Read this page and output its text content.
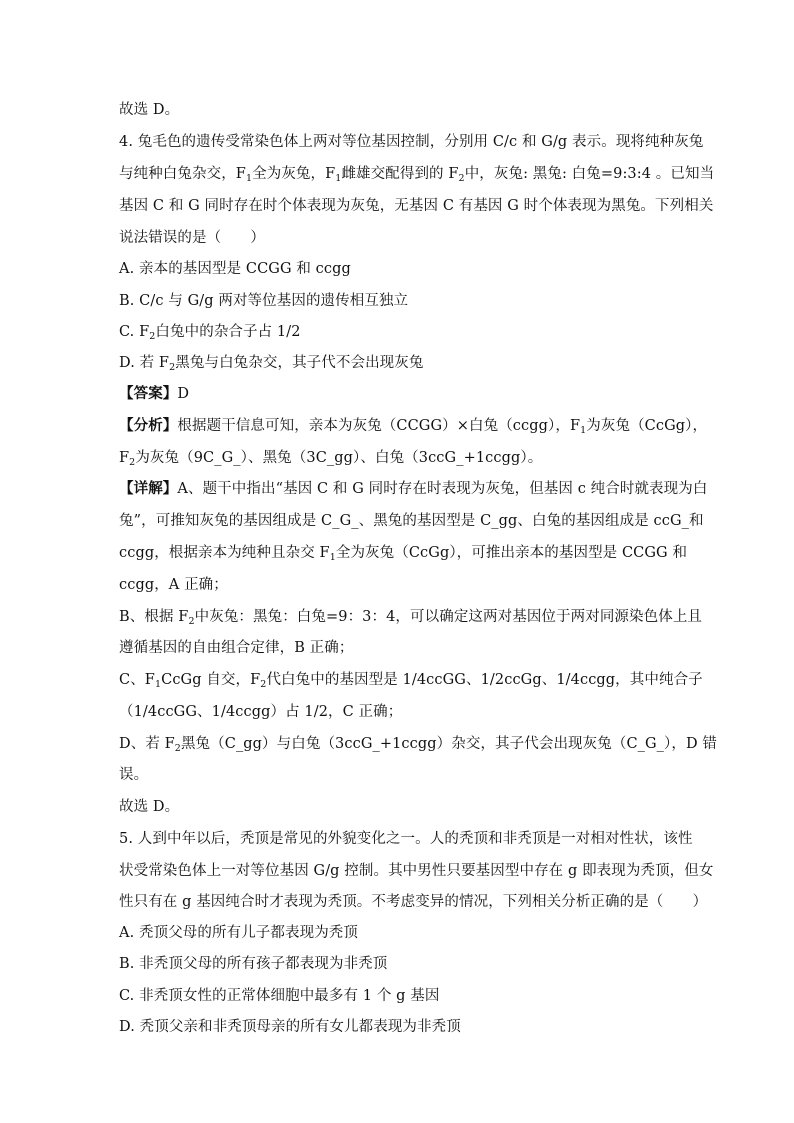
故选 D。
4. 兔毛色的遗传受常染色体上两对等位基因控制，分别用 C/c 和 G/g 表示。现将纯种灰兔
与纯种白兔杂交，$F_1$全为灰兔，$F_1$雌雄交配得到的 $F_2$中，灰兔: 黑兔: 白兔=9:3:4 。已知当
基因 C 和 G 同时存在时个体表现为灰兔，无基因 C 有基因 G 时个体表现为黑兔。下列相关
说法错误的是（　　）
A. 亲本的基因型是 CCGG 和 ccgg
B. C/c 与 G/g 两对等位基因的遗传相互独立
C. $F_2$白兔中的杂合子占 1/2
D. 若 $F_2$黑兔与白兔杂交，其子代不会出现灰兔
【答案】D
【分析】根据题干信息可知，亲本为灰兔（CCGG）×白兔（ccgg），$F_1$为灰兔（CcGg），
$F_2$为灰兔（9C_G_）、黑兔（3C_gg）、白兔（3ccG_+1ccgg）。
【详解】A、题干中指出“基因 C 和 G 同时存在时表现为灰兔，但基因 c 纯合时就表现为白
兔”，可推知灰兔的基因组成是 C_G_、黑兔的基因型是 C_gg、白兔的基因组成是 ccG_和
ccgg，根据亲本为纯种且杂交 $F_1$全为灰兔（CcGg），可推出亲本的基因型是 CCGG 和
ccgg，A 正确；
B、根据 $F_2$中灰兔：黑兔：白兔=9：3：4，可以确定这两对基因位于两对同源染色体上且
遵循基因的自由组合定律，B 正确；
C、$F_1CcGg$ 自交，$F_2$代白兔中的基因型是 1/4ccGG、1/2ccGg、1/4ccgg，其中纯合子
（1/4ccGG、1/4ccgg）占 1/2，C 正确；
D、若 $F_2$黑兔（C_gg）与白兔（3ccG_+1ccgg）杂交，其子代会出现灰兔（C_G_），D 错
误。
故选 D。
5. 人到中年以后，秃顶是常见的外貌变化之一。人的秃顶和非秃顶是一对相对性状，该性
状受常染色体上一对等位基因 G/g 控制。其中男性只要基因型中存在 g 即表现为秃顶，但女
性只有在 g 基因纯合时才表现为秃顶。不考虑变异的情况，下列相关分析正确的是（　　）
A. 秃顶父母的所有儿子都表现为秃顶
B. 非秃顶父母的所有孩子都表现为非秃顶
C. 非秃顶女性的正常体细胞中最多有 1 个 g 基因
D. 秃顶父亲和非秃顶母亲的所有女儿都表现为非秃顶
